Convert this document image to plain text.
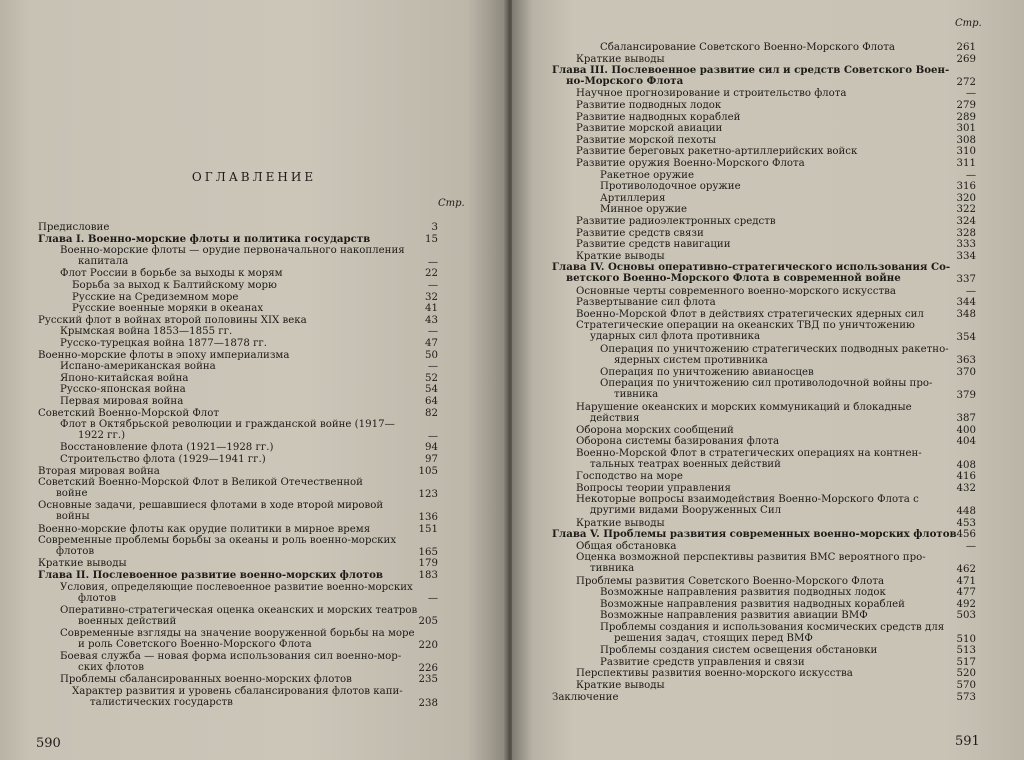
ОГЛАВЛЕНИЕ
Стр.
Предисловие	3
Глава I. Военно-морские флоты и политика государств	15
Военно-морские флоты — орудие первоначального накопления
капитала	—
Флот России в борьбе за выходы к морям	22
Борьба за выход к Балтийскому морю	—
Русские на Средиземном море	32
Русские военные моряки в океанах	41
Русский флот в войнах второй половины XIX века	43
Крымская война 1853—1855 гг.	—
Русско-турецкая война 1877—1878 гг.	47
Военно-морские флоты в эпоху империализма	50
Испано-американская война	—
Японо-китайская война	52
Русско-японская война	54
Первая мировая война	64
Советский Военно-Морской Флот	82
Флот в Октябрьской революции и гражданской войне (1917—
1922 гг.)	—
Восстановление флота (1921—1928 гг.)	94
Строительство флота (1929—1941 гг.)	97
Вторая мировая война	105
Советский Военно-Морской Флот в Великой Отечественной
войне	123
Основные задачи, решавшиеся флотами в ходе второй мировой
войны	136
Военно-морские флоты как орудие политики в мирное время	151
Современные проблемы борьбы за океаны и роль военно-морских
флотов	165
Краткие выводы	179
Глава II. Послевоенное развитие военно-морских флотов	183
Условия, определяющие послевоенное развитие военно-морских
флотов	—
Оперативно-стратегическая оценка океанских и морских театров
военных действий	205
Современные взгляды на значение вооруженной борьбы на море
и роль Советского Военно-Морского Флота	220
Боевая служба — новая форма использования сил военно-мор-
ских флотов	226
Проблемы сбалансированных военно-морских флотов	235
Характер развития и уровень сбалансирования флотов капи-
талистических государств	238
590
Стр.
Сбалансирование Советского Военно-Морского Флота	261
Краткие выводы	269
Глава III. Послевоенное развитие сил и средств Советского Воен-
но-Морского Флота	272
Научное прогнозирование и строительство флота	—
Развитие подводных лодок	279
Развитие надводных кораблей	289
Развитие морской авиации	301
Развитие морской пехоты	308
Развитие береговых ракетно-артиллерийских войск	310
Развитие оружия Военно-Морского Флота	311
Ракетное оружие	—
Противолодочное оружие	316
Артиллерия	320
Минное оружие	322
Развитие радиоэлектронных средств	324
Развитие средств связи	328
Развитие средств навигации	333
Краткие выводы	334
Глава IV. Основы оперативно-стратегического использования Со-
ветского Военно-Морского Флота в современной войне	337
Основные черты современного военно-морского искусства	—
Развертывание сил флота	344
Военно-Морской Флот в действиях стратегических ядерных сил	348
Стратегические операции на океанских ТВД по уничтожению
ударных сил флота противника	354
Операция по уничтожению стратегических подводных ракетно-
ядерных систем противника	363
Операция по уничтожению авианосцев	370
Операция по уничтожению сил противолодочной войны про-
тивника	379
Нарушение океанских и морских коммуникаций и блокадные
действия	387
Оборона морских сообщений	400
Оборона системы базирования флота	404
Военно-Морской Флот в стратегических операциях на контнен-
тальных театрах военных действий	408
Господство на море	416
Вопросы теории управления	432
Некоторые вопросы взаимодействия Военно-Морского Флота с
другими видами Вооруженных Сил	448
Краткие выводы	453
Глава V. Проблемы развития современных военно-морских флотов 456
Общая обстановка	—
Оценка возможной перспективы развития ВМС вероятного про-
тивника	462
Проблемы развития Советского Военно-Морского Флота	471
Возможные направления развития подводных лодок	477
Возможные направления развития надводных кораблей	492
Возможные направления развития авиации ВМФ	503
Проблемы создания и использования космических средств для
решения задач, стоящих перед ВМФ	510
Проблемы создания систем освещения обстановки	513
Развитие средств управления и связи	517
Перспективы развития военно-морского искусства	520
Краткие выводы	570
Заключение	573
591
